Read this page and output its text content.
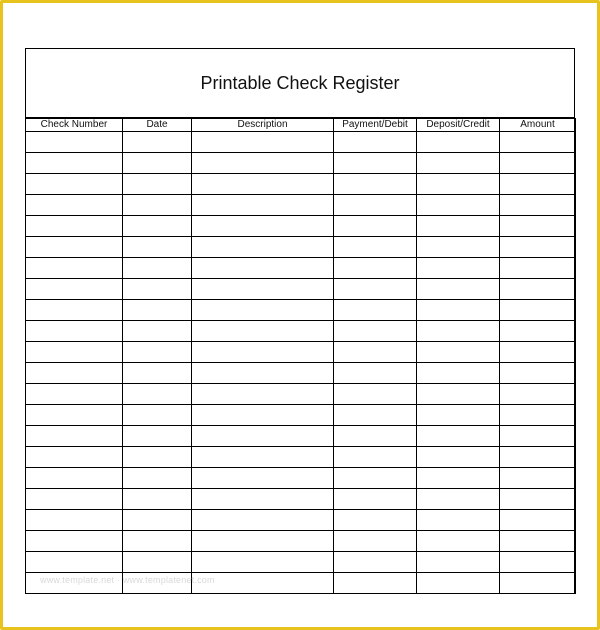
Printable Check Register
Check Number	Date	Description	Payment/Debit	Deposit/Credit	Amount

www.template.net · www.templatenet.com
